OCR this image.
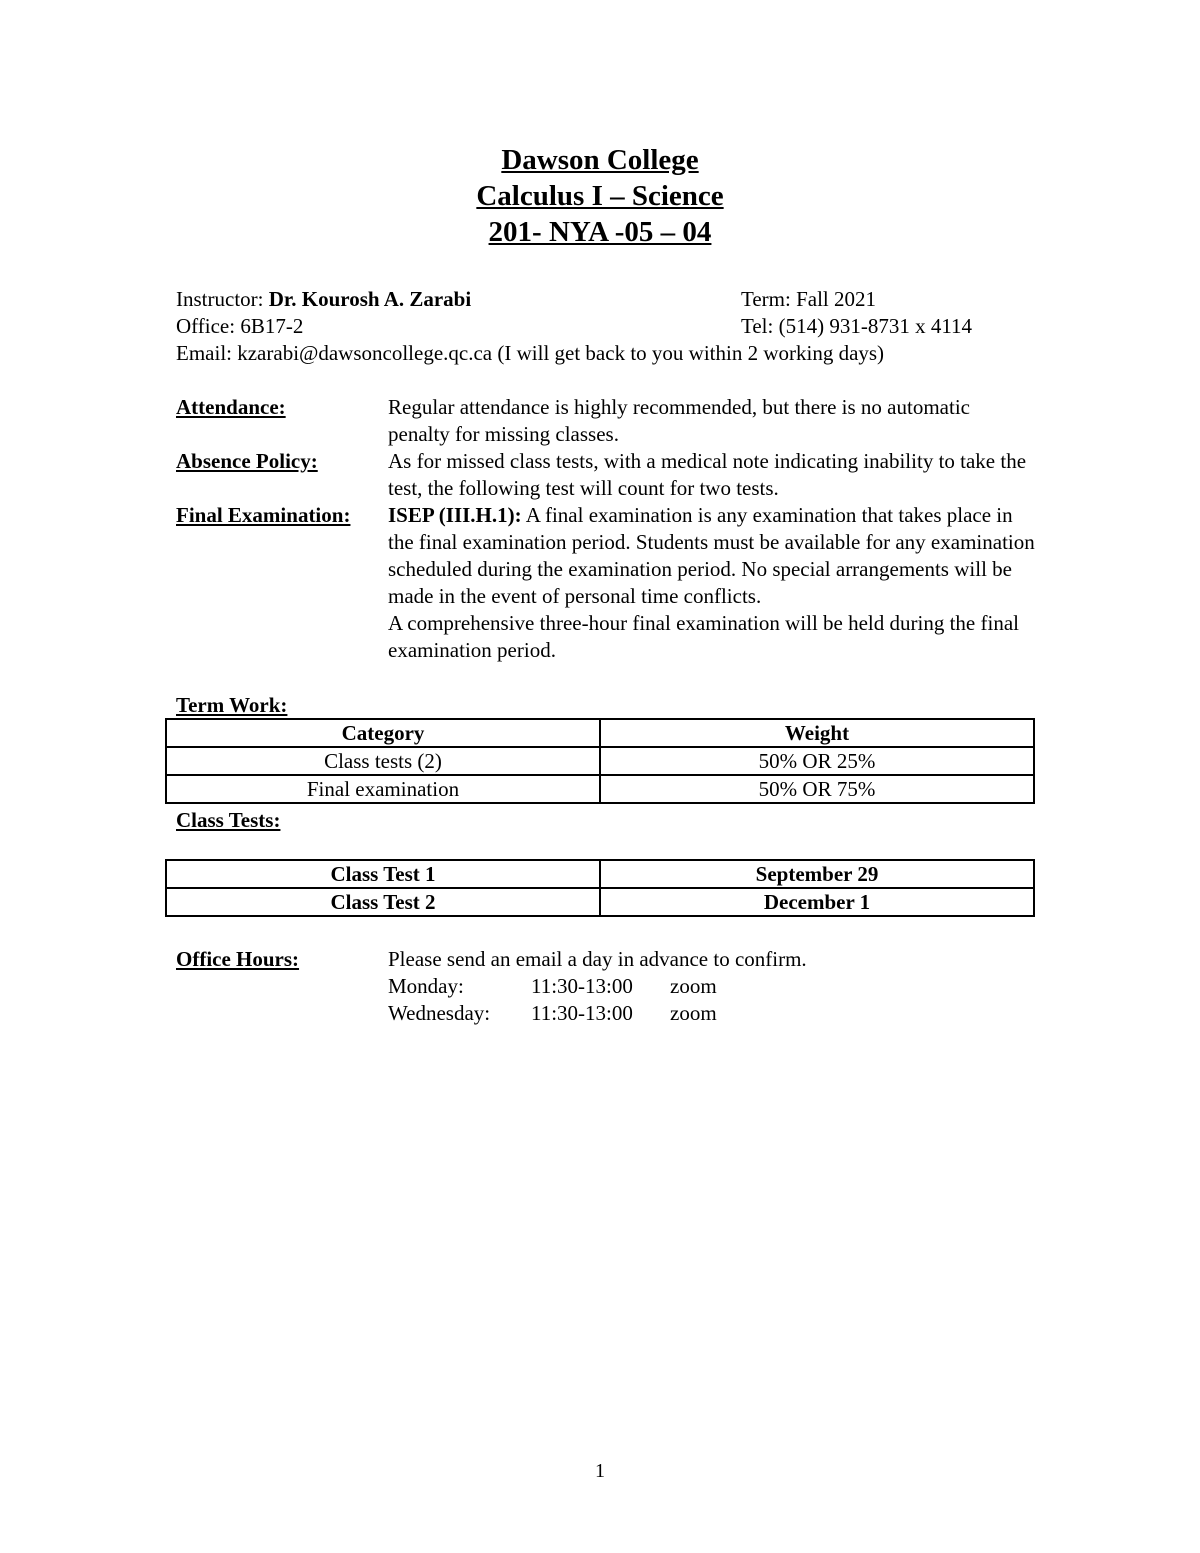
Dawson College
Calculus I – Science
201- NYA -05 – 04
Instructor: Dr. Kourosh A. Zarabi	Term: Fall 2021
Office: 6B17-2	Tel: (514) 931-8731 x 4114
Email: kzarabi@dawsoncollege.qc.ca (I will get back to you within 2 working days)
Attendance:	Regular attendance is highly recommended, but there is no automatic penalty for missing classes.

Absence Policy:	As for missed class tests, with a medical note indicating inability to take the test, the following test will count for two tests.

Final Examination: ISEP (III.H.1): A final examination is any examination that takes place in the final examination period. Students must be available for any examination scheduled during the examination period. No special arrangements will be made in the event of personal time conflicts.

A comprehensive three-hour final examination will be held during the final examination period.

Term Work:
Category	Weight
Class tests (2)	50% OR 25%
Final examination	50% OR 75%
Class Tests:
Class Test 1	September 29
Class Test 2	December 1
Office Hours:	Please send an email a day in advance to confirm.

Monday:	11:30-13:00 zoom
Wednesday: 11:30-13:00 zoom
1
